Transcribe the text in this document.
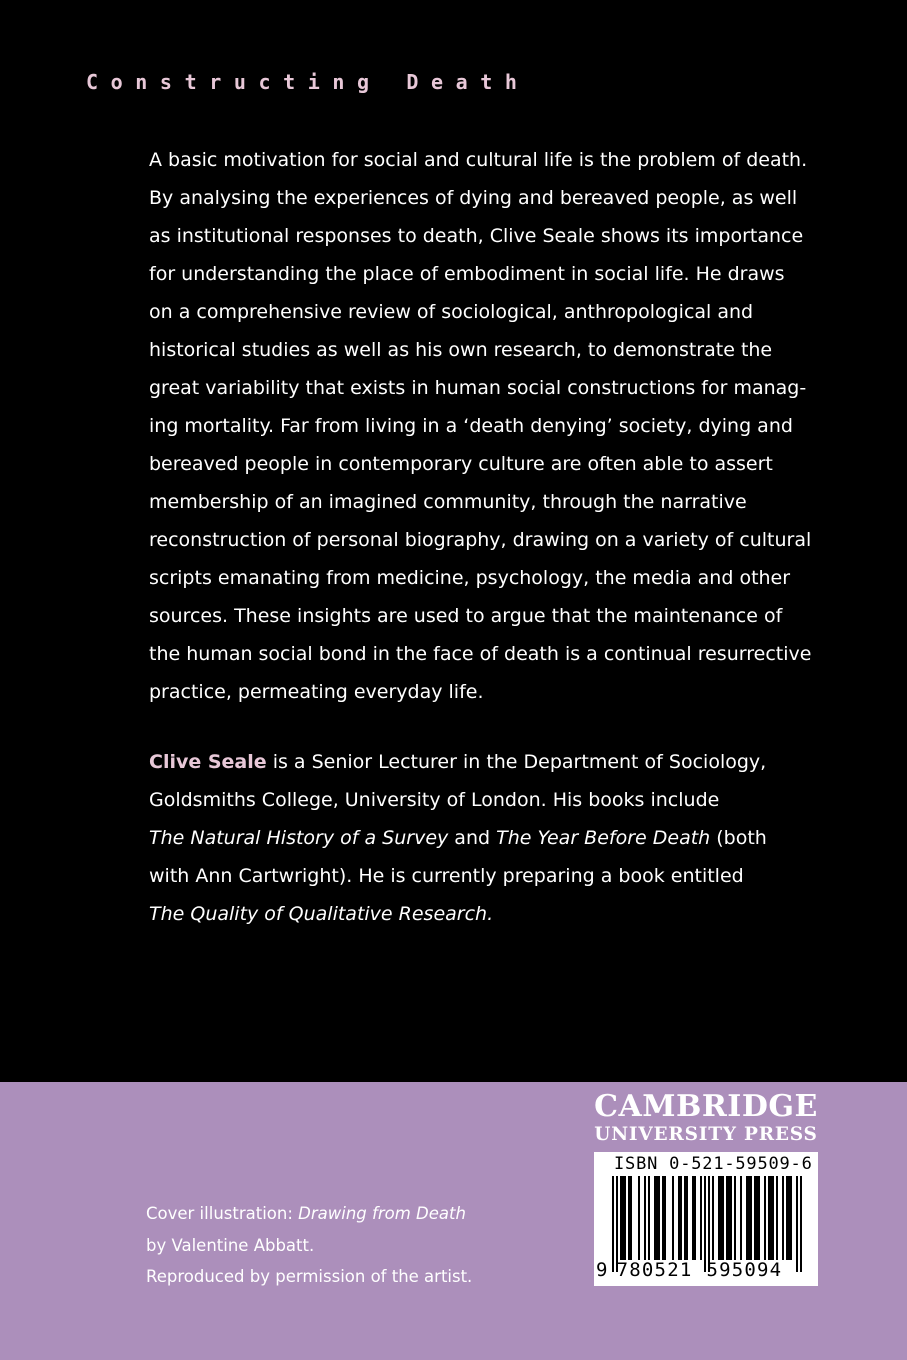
Constructing Death
A basic motivation for social and cultural life is the problem of death.
By analysing the experiences of dying and bereaved people, as well
as institutional responses to death, Clive Seale shows its importance
for understanding the place of embodiment in social life. He draws
on a comprehensive review of sociological, anthropological and
historical studies as well as his own research, to demonstrate the
great variability that exists in human social constructions for manag-
ing mortality. Far from living in a ‘death denying’ society, dying and
bereaved people in contemporary culture are often able to assert
membership of an imagined community, through the narrative
reconstruction of personal biography, drawing on a variety of cultural
scripts emanating from medicine, psychology, the media and other
sources. These insights are used to argue that the maintenance of
the human social bond in the face of death is a continual resurrective
practice, permeating everyday life.
Clive Seale is a Senior Lecturer in the Department of Sociology,
Goldsmiths College, University of London. His books include
The Natural History of a Survey and The Year Before Death (both
with Ann Cartwright). He is currently preparing a book entitled
The Quality of Qualitative Research.
Cover illustration: Drawing from Death
by Valentine Abbatt.
Reproduced by permission of the artist.
CAMBRIDGE
UNIVERSITY PRESS
ISBN 0-521-59509-6
9 780521 595094
